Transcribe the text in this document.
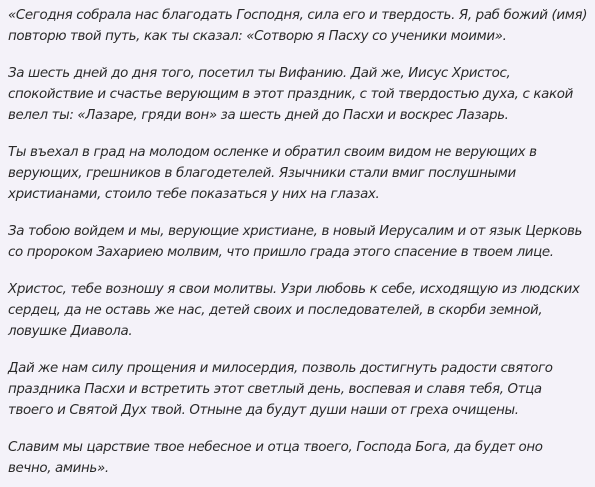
«Сегодня собрала нас благодать Господня, сила его и твердость. Я, раб божий (имя) повторю твой путь, как ты сказал: «Сотворю я Пасху со ученики моими».

За шесть дней до дня того, посетил ты Вифанию. Дай же, Иисус Христос, спокойствие и счастье верующим в этот праздник, с той твердостью духа, с какой велел ты: «Лазаре, гряди вон» за шесть дней до Пасхи и воскрес Лазарь.

Ты въехал в град на молодом осленке и обратил своим видом не верующих в верующих, грешников в благодетелей. Язычники стали вмиг послушными христианами, стоило тебе показаться у них на глазах.

За тобою войдем и мы, верующие христиане, в новый Иерусалим и от язык Церковь со пророком Захариею молвим, что пришло града этого спасение в твоем лице.

Христос, тебе вознoшу я свои молитвы. Узри любовь к себе, исходящую из людских сердец, да не оставь же нас, детей своих и последователей, в скорби земной, ловушке Диавола.

Дай же нам силу прощения и милосердия, позволь достигнуть радости святого праздника Пасхи и встретить этот светлый день, воспевая и славя тебя, Отца твоего и Святой Дух твой. Отныне да будут души наши от греха очищены.

Славим мы царствие твое небесное и отца твоего, Господа Бога, да будет оно вечно, аминь».
